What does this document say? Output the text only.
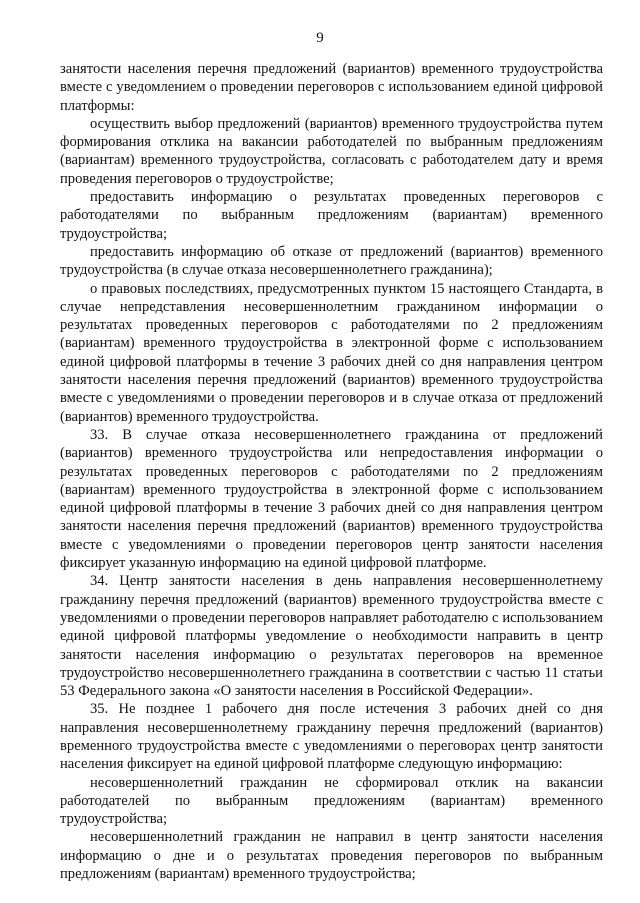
9

занятости населения перечня предложений (вариантов) временного трудоустройства вместе с уведомлением о проведении переговоров с использованием единой цифровой платформы:

осуществить выбор предложений (вариантов) временного трудоустройства путем формирования отклика на вакансии работодателей по выбранным предложениям (вариантам) временного трудоустройства, согласовать с работодателем дату и время проведения переговоров о трудоустройстве;

предоставить информацию о результатах проведенных переговоров с работодателями по выбранным предложениям (вариантам) временного трудоустройства;

предоставить информацию об отказе от предложений (вариантов) временного трудоустройства (в случае отказа несовершеннолетнего гражданина);

о правовых последствиях, предусмотренных пунктом 15 настоящего Стандарта, в случае непредставления несовершеннолетним гражданином информации о результатах проведенных переговоров с работодателями по 2 предложениям (вариантам) временного трудоустройства в электронной форме с использованием единой цифровой платформы в течение 3 рабочих дней со дня направления центром занятости населения перечня предложений (вариантов) временного трудоустройства вместе с уведомлениями о проведении переговоров и в случае отказа от предложений (вариантов) временного трудоустройства.

33. В случае отказа несовершеннолетнего гражданина от предложений (вариантов) временного трудоустройства или непредоставления информации о результатах проведенных переговоров с работодателями по 2 предложениям (вариантам) временного трудоустройства в электронной форме с использованием единой цифровой платформы в течение 3 рабочих дней со дня направления центром занятости населения перечня предложений (вариантов) временного трудоустройства вместе с уведомлениями о проведении переговоров центр занятости населения фиксирует указанную информацию на единой цифровой платформе.

34. Центр занятости населения в день направления несовершеннолетнему гражданину перечня предложений (вариантов) временного трудоустройства вместе с уведомлениями о проведении переговоров направляет работодателю с использованием единой цифровой платформы уведомление о необходимости направить в центр занятости населения информацию о результатах переговоров на временное трудоустройство несовершеннолетнего гражданина в соответствии с частью 11 статьи 53 Федерального закона «О занятости населения в Российской Федерации».

35. Не позднее 1 рабочего дня после истечения 3 рабочих дней со дня направления несовершеннолетнему гражданину перечня предложений (вариантов) временного трудоустройства вместе с уведомлениями о переговорах центр занятости населения фиксирует на единой цифровой платформе следующую информацию:

несовершеннолетний гражданин не сформировал отклик на вакансии работодателей по выбранным предложениям (вариантам) временного трудоустройства;

несовершеннолетний гражданин не направил в центр занятости населения информацию о дне и о результатах проведения переговоров по выбранным предложениям (вариантам) временного трудоустройства;
